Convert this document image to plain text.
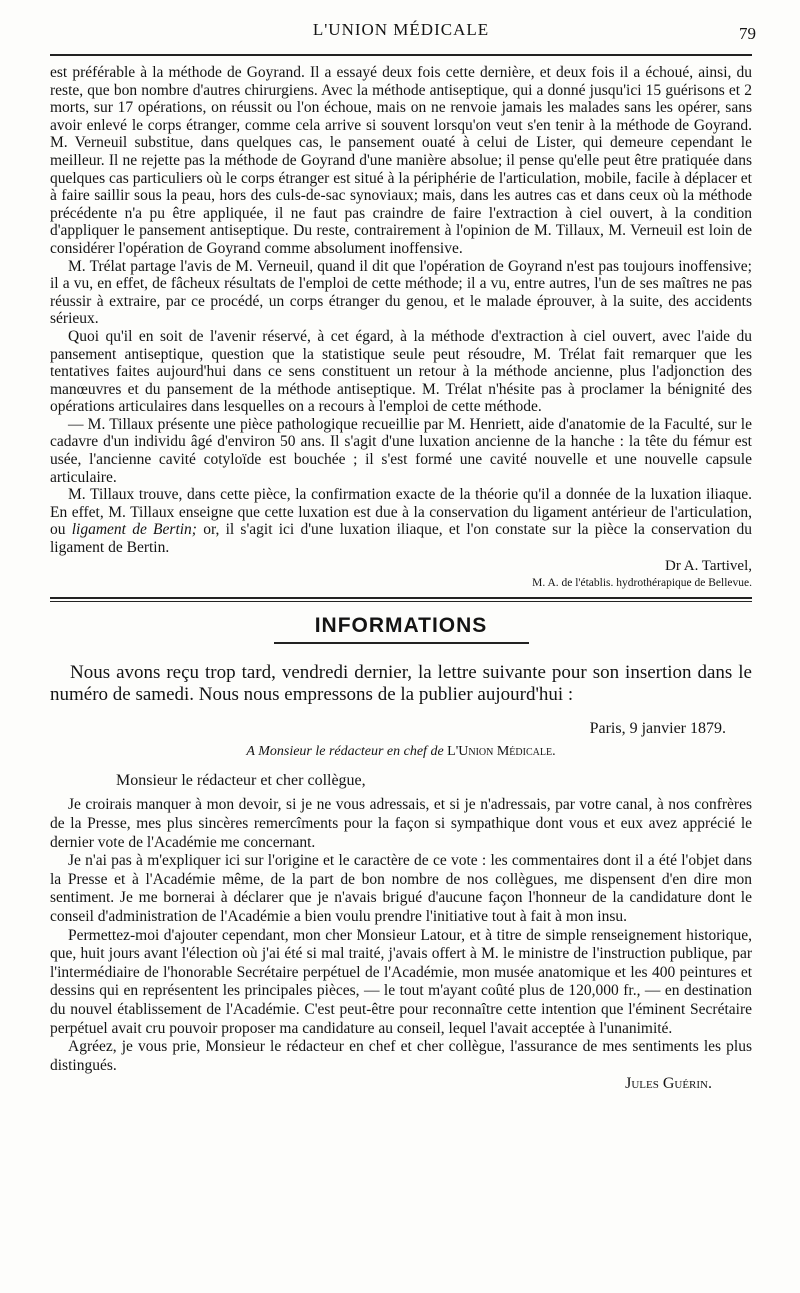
L'UNION MÉDICALE	79

est préférable à la méthode de Goyrand. Il a essayé deux fois cette dernière, et deux fois il a échoué, ainsi, du reste, que bon nombre d'autres chirurgiens. Avec la méthode antiseptique, qui a donné jusqu'ici 15 guérisons et 2 morts, sur 17 opérations, on réussit ou l'on échoue, mais on ne renvoie jamais les malades sans les opérer, sans avoir enlevé le corps étranger, comme cela arrive si souvent lorsqu'on veut s'en tenir à la méthode de Goyrand. M. Verneuil substitue, dans quelques cas, le pansement ouaté à celui de Lister, qui demeure cependant le meilleur. Il ne rejette pas la méthode de Goyrand d'une manière absolue; il pense qu'elle peut être pratiquée dans quelques cas particuliers où le corps étranger est situé à la périphérie de l'articulation, mobile, facile à déplacer et à faire saillir sous la peau, hors des culs-de-sac synoviaux; mais, dans les autres cas et dans ceux où la méthode précédente n'a pu être appliquée, il ne faut pas craindre de faire l'extraction à ciel ouvert, à la condition d'appliquer le pansement antiseptique. Du reste, contrairement à l'opinion de M. Tillaux, M. Verneuil est loin de considérer l'opération de Goyrand comme absolument inoffensive.

M. Trélat partage l'avis de M. Verneuil, quand il dit que l'opération de Goyrand n'est pas toujours inoffensive; il a vu, en effet, de fâcheux résultats de l'emploi de cette méthode; il a vu, entre autres, l'un de ses maîtres ne pas réussir à extraire, par ce procédé, un corps étranger du genou, et le malade éprouver, à la suite, des accidents sérieux.

Quoi qu'il en soit de l'avenir réservé, à cet égard, à la méthode d'extraction à ciel ouvert, avec l'aide du pansement antiseptique, question que la statistique seule peut résoudre, M. Trélat fait remarquer que les tentatives faites aujourd'hui dans ce sens constituent un retour à la méthode ancienne, plus l'adjonction des manœuvres et du pansement de la méthode antiseptique. M. Trélat n'hésite pas à proclamer la bénignité des opérations articulaires dans lesquelles on a recours à l'emploi de cette méthode.

— M. Tillaux présente une pièce pathologique recueillie par M. Henriett, aide d'anatomie de la Faculté, sur le cadavre d'un individu âgé d'environ 50 ans. Il s'agit d'une luxation ancienne de la hanche : la tête du fémur est usée, l'ancienne cavité cotyloïde est bouchée ; il s'est formé une cavité nouvelle et une nouvelle capsule articulaire.

M. Tillaux trouve, dans cette pièce, la confirmation exacte de la théorie qu'il a donnée de la luxation iliaque. En effet, M. Tillaux enseigne que cette luxation est due à la conservation du ligament antérieur de l'articulation, ou ligament de Bertin; or, il s'agit ici d'une luxation iliaque, et l'on constate sur la pièce la conservation du ligament de Bertin.

Dr A. Tartivel,
M. A. de l'établis. hydrothérapique de Bellevue.
INFORMATIONS

Nous avons reçu trop tard, vendredi dernier, la lettre suivante pour son insertion dans le numéro de samedi. Nous nous empressons de la publier aujourd'hui :

Paris, 9 janvier 1879.
A Monsieur le rédacteur en chef de L'Union Médicale.
Monsieur le rédacteur et cher collègue,

Je croirais manquer à mon devoir, si je ne vous adressais, et si je n'adressais, par votre canal, à nos confrères de la Presse, mes plus sincères remercîments pour la façon si sympathique dont vous et eux avez apprécié le dernier vote de l'Académie me concernant.

Je n'ai pas à m'expliquer ici sur l'origine et le caractère de ce vote : les commentaires dont il a été l'objet dans la Presse et à l'Académie même, de la part de bon nombre de nos collègues, me dispensent d'en dire mon sentiment. Je me bornerai à déclarer que je n'avais brigué d'aucune façon l'honneur de la candidature dont le conseil d'administration de l'Académie a bien voulu prendre l'initiative tout à fait à mon insu.

Permettez-moi d'ajouter cependant, mon cher Monsieur Latour, et à titre de simple renseignement historique, que, huit jours avant l'élection où j'ai été si mal traité, j'avais offert à M. le ministre de l'instruction publique, par l'intermédiaire de l'honorable Secrétaire perpétuel de l'Académie, mon musée anatomique et les 400 peintures et dessins qui en représentent les principales pièces, — le tout m'ayant coûté plus de 120,000 fr., — en destination du nouvel établissement de l'Académie. C'est peut-être pour reconnaître cette intention que l'éminent Secrétaire perpétuel avait cru pouvoir proposer ma candidature au conseil, lequel l'avait acceptée à l'unanimité.

Agréez, je vous prie, Monsieur le rédacteur en chef et cher collègue, l'assurance de mes sentiments les plus distingués.

Jules Guérin.
